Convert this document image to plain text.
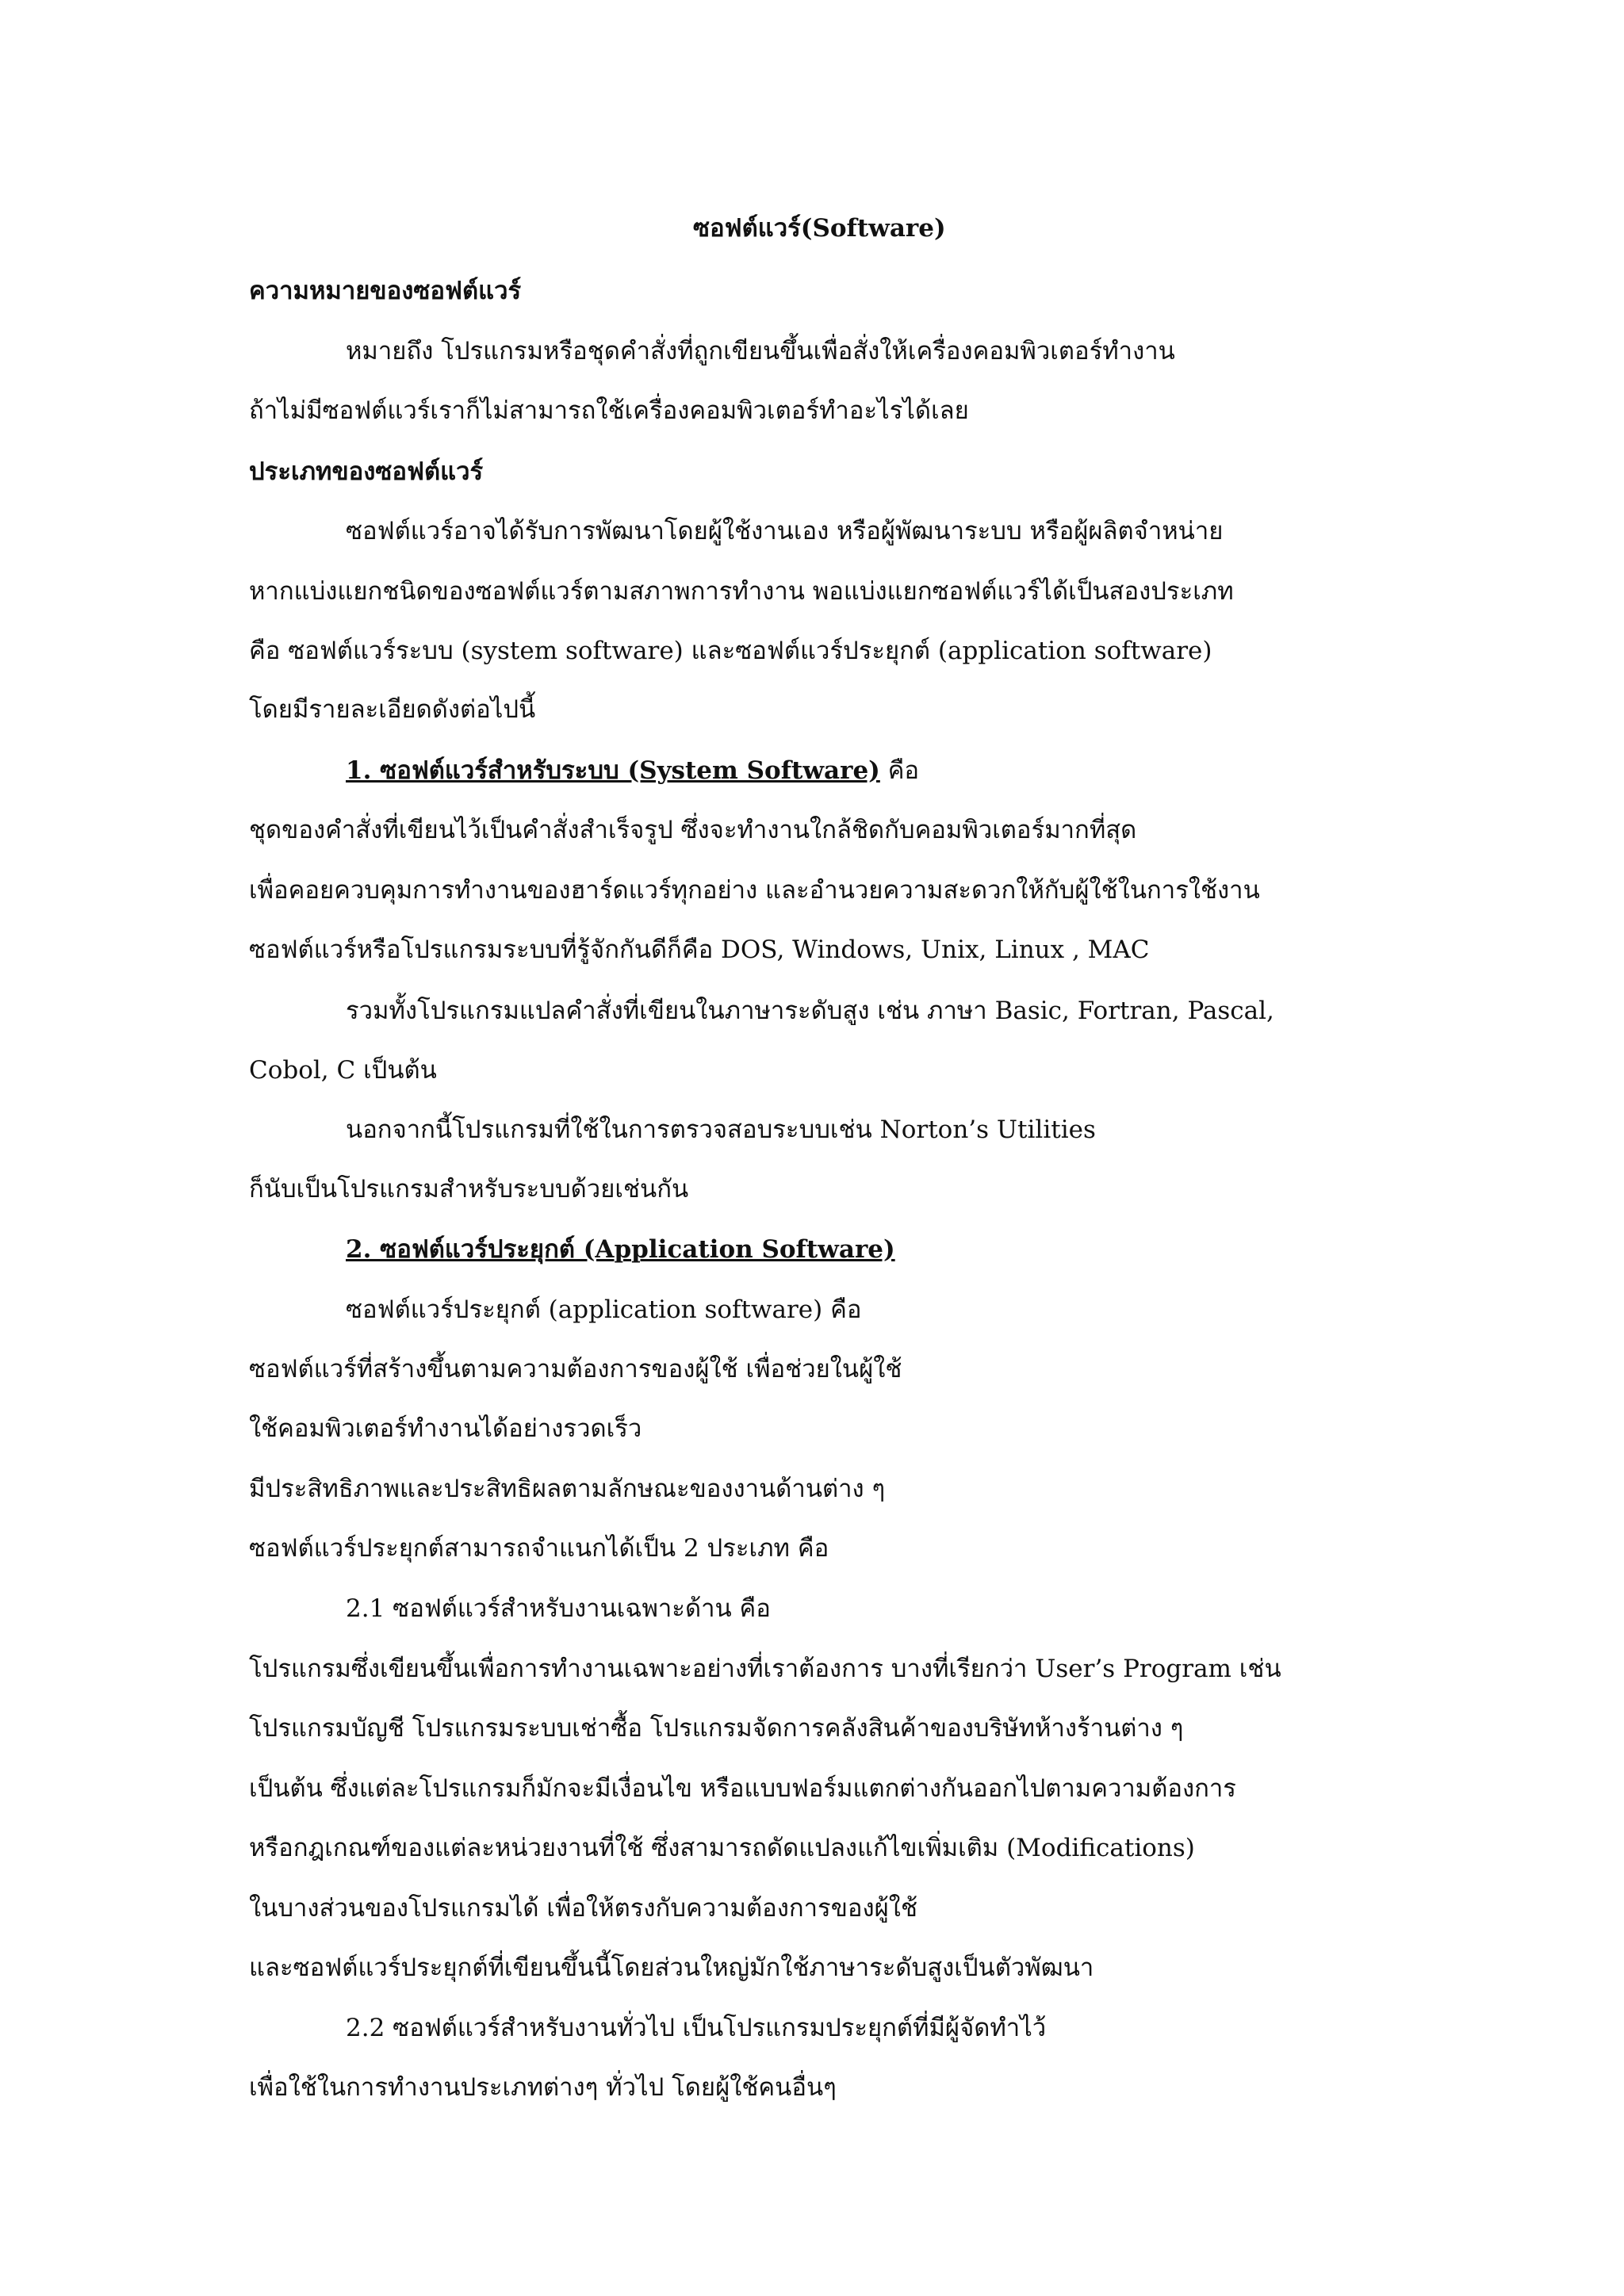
ซอฟต์แวร์(Software)
ความหมายของซอฟต์แวร์
หมายถึง โปรแกรมหรือชุดคำสั่งที่ถูกเขียนขึ้นเพื่อสั่งให้เครื่องคอมพิวเตอร์ทำงาน
ถ้าไม่มีซอฟต์แวร์เราก็ไม่สามารถใช้เครื่องคอมพิวเตอร์ทำอะไรได้เลย
ประเภทของซอฟต์แวร์
ซอฟต์แวร์อาจได้รับการพัฒนาโดยผู้ใช้งานเอง หรือผู้พัฒนาระบบ หรือผู้ผลิตจำหน่าย
หากแบ่งแยกชนิดของซอฟต์แวร์ตามสภาพการทำงาน พอแบ่งแยกซอฟต์แวร์ได้เป็นสองประเภท
คือ ซอฟต์แวร์ระบบ (system software) และซอฟต์แวร์ประยุกต์ (application software)
โดยมีรายละเอียดดังต่อไปนี้
1. ซอฟต์แวร์สำหรับระบบ (System Software) คือ
ชุดของคำสั่งที่เขียนไว้เป็นคำสั่งสำเร็จรูป ซึ่งจะทำงานใกล้ชิดกับคอมพิวเตอร์มากที่สุด
เพื่อคอยควบคุมการทำงานของฮาร์ดแวร์ทุกอย่าง และอำนวยความสะดวกให้กับผู้ใช้ในการใช้งาน
ซอฟต์แวร์หรือโปรแกรมระบบที่รู้จักกันดีก็คือ DOS, Windows, Unix, Linux , MAC
รวมทั้งโปรแกรมแปลคำสั่งที่เขียนในภาษาระดับสูง เช่น ภาษา Basic, Fortran, Pascal,
Cobol, C เป็นต้น
นอกจากนี้โปรแกรมที่ใช้ในการตรวจสอบระบบเช่น Norton’s Utilities
ก็นับเป็นโปรแกรมสำหรับระบบด้วยเช่นกัน
2. ซอฟต์แวร์ประยุกต์ (Application Software)
ซอฟต์แวร์ประยุกต์ (application software) คือ
ซอฟต์แวร์ที่สร้างขึ้นตามความต้องการของผู้ใช้ เพื่อช่วยในผู้ใช้
ใช้คอมพิวเตอร์ทำงานได้อย่างรวดเร็ว
มีประสิทธิภาพและประสิทธิผลตามลักษณะของงานด้านต่าง ๆ
ซอฟต์แวร์ประยุกต์สามารถจำแนกได้เป็น 2 ประเภท คือ
2.1 ซอฟต์แวร์สำหรับงานเฉพาะด้าน คือ
โปรแกรมซึ่งเขียนขึ้นเพื่อการทำงานเฉพาะอย่างที่เราต้องการ บางที่เรียกว่า User’s Program เช่น
โปรแกรมบัญชี โปรแกรมระบบเช่าซื้อ โปรแกรมจัดการคลังสินค้าของบริษัทห้างร้านต่าง ๆ
เป็นต้น ซึ่งแต่ละโปรแกรมก็มักจะมีเงื่อนไข หรือแบบฟอร์มแตกต่างกันออกไปตามความต้องการ
หรือกฎเกณฑ์ของแต่ละหน่วยงานที่ใช้ ซึ่งสามารถดัดแปลงแก้ไขเพิ่มเติม (Modifications)
ในบางส่วนของโปรแกรมได้ เพื่อให้ตรงกับความต้องการของผู้ใช้
และซอฟต์แวร์ประยุกต์ที่เขียนขึ้นนี้โดยส่วนใหญ่มักใช้ภาษาระดับสูงเป็นตัวพัฒนา
2.2 ซอฟต์แวร์สำหรับงานทั่วไป เป็นโปรแกรมประยุกต์ที่มีผู้จัดทำไว้
เพื่อใช้ในการทำงานประเภทต่างๆ ทั่วไป โดยผู้ใช้คนอื่นๆ
